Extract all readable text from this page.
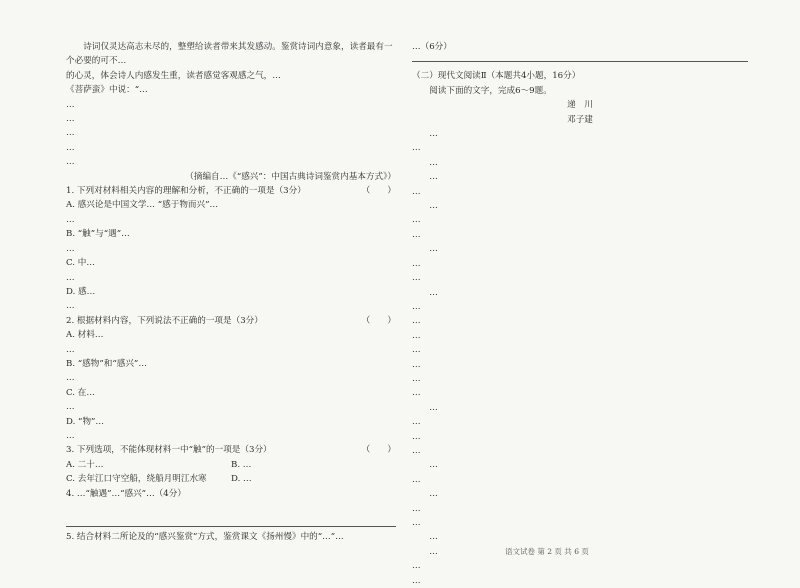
诗词仅灵达高志未尽的，整塑给读者带来其发感动。鉴赏诗词内意象，读者最有一个必要的可不…

的心灵，体会诗人内感发生重，读者感觉客观感之气，…

《菩萨蛮》中说：“…

…

…

…

…

…

（摘编自…《“感兴”：中国古典诗词鉴赏内基本方式》）

1. 下列对材料相关内容的理解和分析，不正确的一项是（3分）	（　　）

A. 感兴论是中国文学… “感于物而兴”…

…

B. “触”与“遇”…

…

C. 中…

…

D. 感…

…

2. 根据材料内容，下列说法不正确的一项是（3分）	（　　）

A. 材料…

…

B. “感物”和“感兴”…

…

C. 在…

…

D. “物”…

…

3. 下列选项，不能体现材料一中“触”的一项是（3分）	（　　）
A. 二十…	B. …
C. 去年江口守空船，绕船月明江水寒	D. …

4. …“触遇”…“感兴”…（4分）

5. 结合材料二所论及的“感兴鉴赏”方式，鉴赏课文《扬州慢》中的“…”…

…（6分）

（二）现代文阅读Ⅱ（本题共4小题，16分）

阅读下面的文字，完成6～9题。

递　川

邓子建

…

…

…

…

…

…

…

…

…

…

…

…

…

…

…

…

…

…

…

…

…

…

…

…

…

…

…

…

…

…

…

…

语文试卷 第 2 页 共 6 页
